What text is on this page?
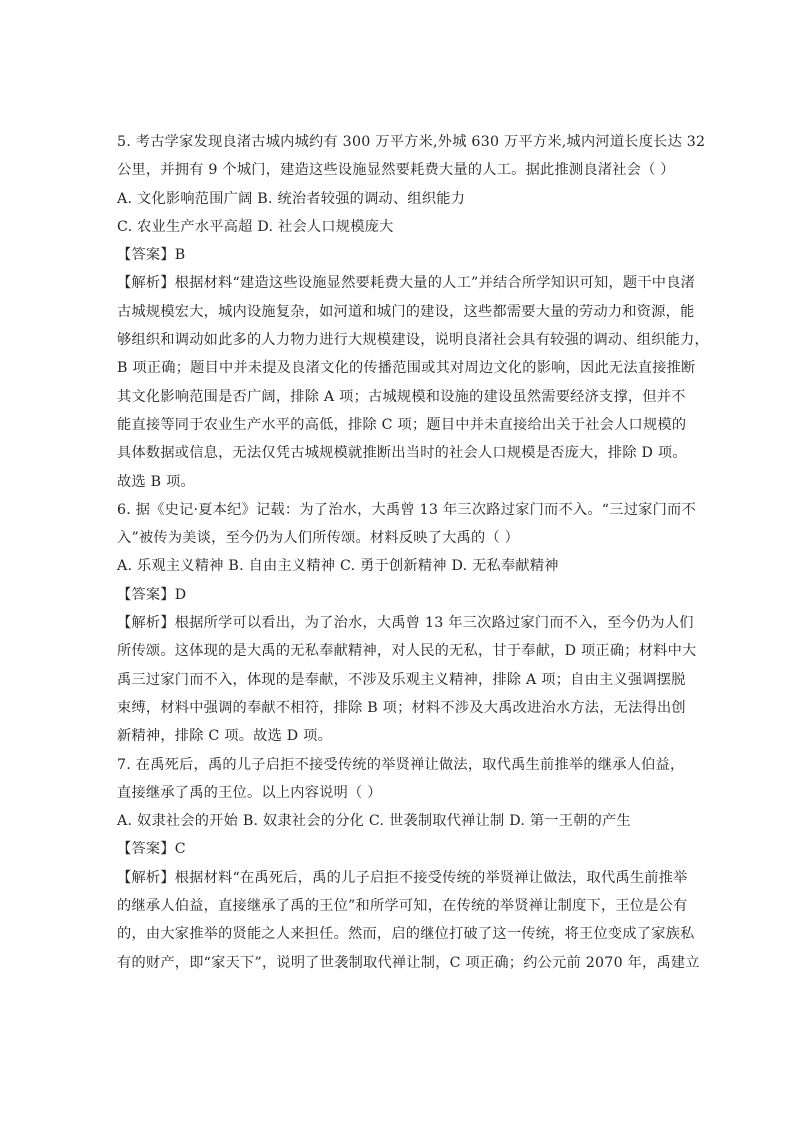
5. 考古学家发现良渚古城内城约有 300 万平方米,外城 630 万平方米,城内河道长度长达 32
公里，并拥有 9 个城门，建造这些设施显然要耗费大量的人工。据此推测良渚社会（ ）
A. 文化影响范围广阔 B. 统治者较强的调动、组织能力
C. 农业生产水平高超 D. 社会人口规模庞大
【答案】B
【解析】根据材料“建造这些设施显然要耗费大量的人工”并结合所学知识可知，题干中良渚
古城规模宏大，城内设施复杂，如河道和城门的建设，这些都需要大量的劳动力和资源，能
够组织和调动如此多的人力物力进行大规模建设，说明良渚社会具有较强的调动、组织能力，
B 项正确；题目中并未提及良渚文化的传播范围或其对周边文化的影响，因此无法直接推断
其文化影响范围是否广阔，排除 A 项；古城规模和设施的建设虽然需要经济支撑，但并不
能直接等同于农业生产水平的高低，排除 C 项；题目中并未直接给出关于社会人口规模的
具体数据或信息，无法仅凭古城规模就推断出当时的社会人口规模是否庞大，排除 D 项。
故选 B 项。
6. 据《史记·夏本纪》记载：为了治水，大禹曾 13 年三次路过家门而不入。“三过家门而不
入”被传为美谈，至今仍为人们所传颂。材料反映了大禹的（ ）
A. 乐观主义精神 B. 自由主义精神 C. 勇于创新精神 D. 无私奉献精神
【答案】D
【解析】根据所学可以看出，为了治水，大禹曾 13 年三次路过家门而不入，至今仍为人们
所传颂。这体现的是大禹的无私奉献精神，对人民的无私，甘于奉献，D 项正确；材料中大
禹三过家门而不入，体现的是奉献，不涉及乐观主义精神，排除 A 项；自由主义强调摆脱
束缚，材料中强调的奉献不相符，排除 B 项；材料不涉及大禹改进治水方法，无法得出创
新精神，排除 C 项。故选 D 项。
7. 在禹死后，禹的儿子启拒不接受传统的举贤禅让做法，取代禹生前推举的继承人伯益，
直接继承了禹的王位。以上内容说明（ ）
A. 奴隶社会的开始 B. 奴隶社会的分化 C. 世袭制取代禅让制 D. 第一王朝的产生
【答案】C
【解析】根据材料“在禹死后，禹的儿子启拒不接受传统的举贤禅让做法，取代禹生前推举
的继承人伯益，直接继承了禹的王位”和所学可知，在传统的举贤禅让制度下，王位是公有
的，由大家推举的贤能之人来担任。然而，启的继位打破了这一传统，将王位变成了家族私
有的财产，即“家天下”，说明了世袭制取代禅让制，C 项正确；约公元前 2070 年，禹建立
